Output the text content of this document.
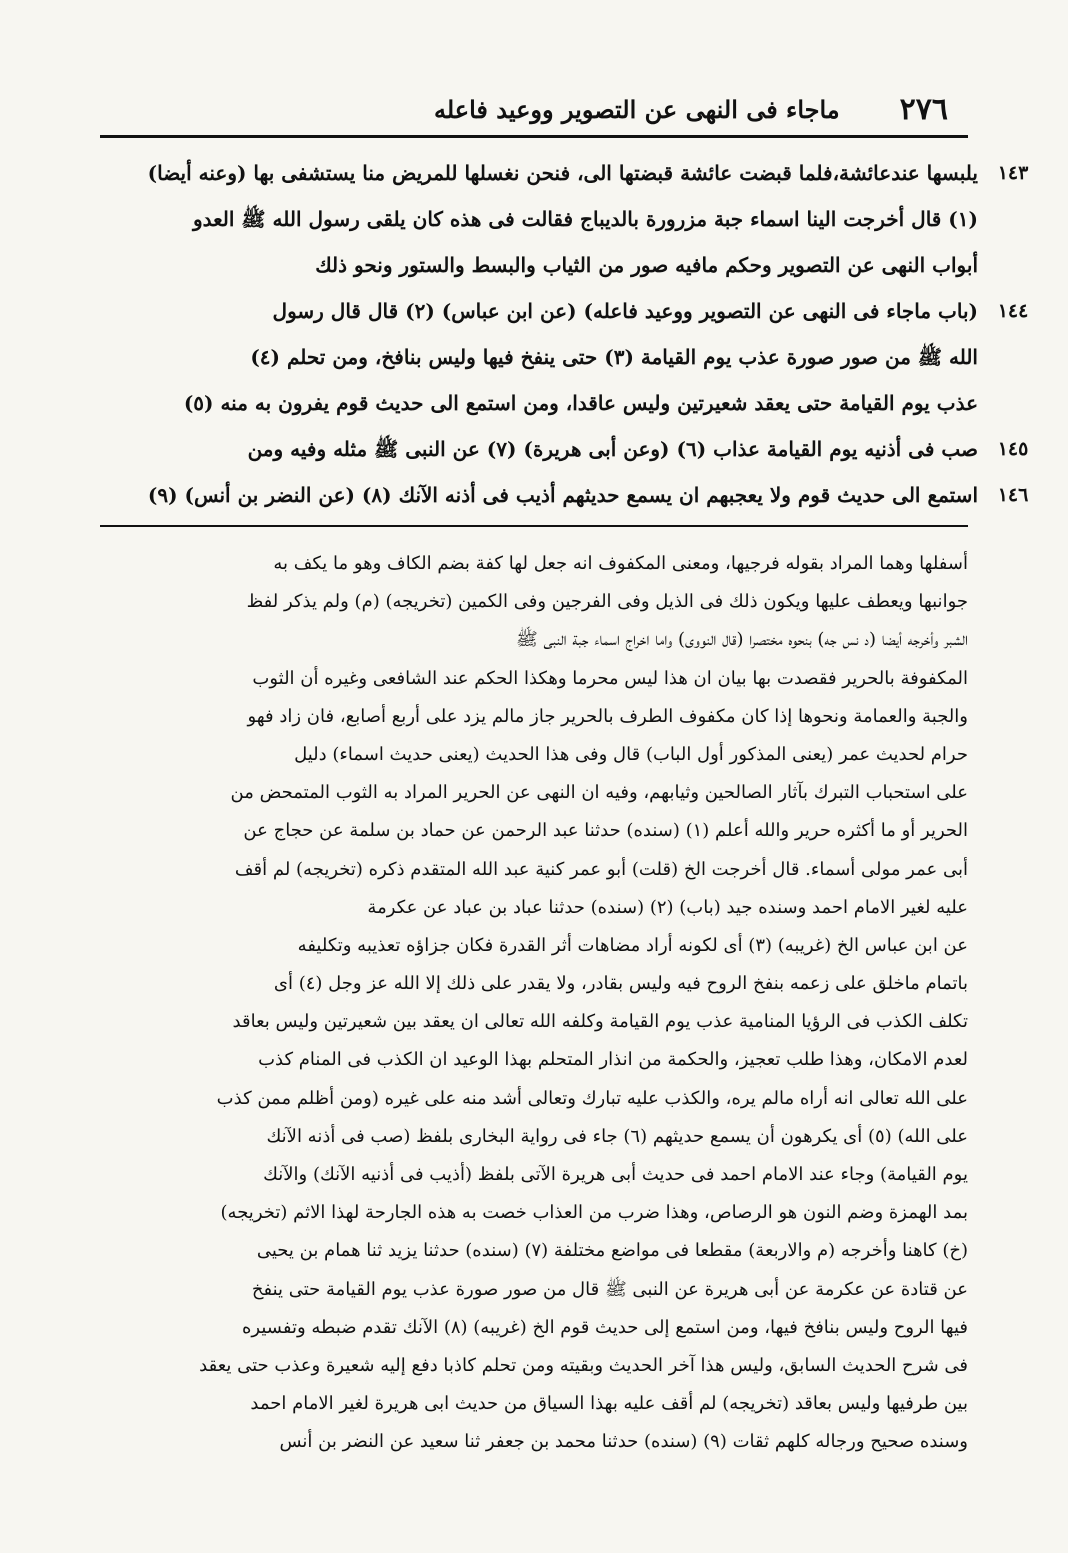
٢٧٦
ماجاء فى النهى عن التصوير ووعيد فاعله
١٤٣
يلبسها عندعائشة،فلما قبضت عائشة قبضتها الى، فنحن نغسلها للمريض منا يستشفى بها (وعنه أيضا)
(١) قال أخرجت الينا اسماء جبة مزرورة بالديباج فقالت فى هذه كان يلقى رسول الله ﷺ العدو
أبواب النهى عن التصوير وحكم مافيه صور من الثياب والبسط والستور ونحو ذلك
١٤٤
(باب ماجاء فى النهى عن التصوير ووعيد فاعله) (عن ابن عباس) (٢) قال قال رسول
الله ﷺ من صور صورة عذب يوم القيامة (٣) حتى ينفخ فيها وليس بنافخ، ومن تحلم (٤)
عذب يوم القيامة حتى يعقد شعيرتين وليس عاقدا، ومن استمع الى حديث قوم يفرون به منه (٥)
١٤٥
صب فى أذنيه يوم القيامة عذاب (٦) (وعن أبى هريرة) (٧) عن النبى ﷺ مثله وفيه ومن
١٤٦
استمع الى حديث قوم ولا يعجبهم ان يسمع حديثهم أذيب فى أذنه الآنك (٨) (عن النضر بن أنس) (٩)
أسفلها وهما المراد بقوله فرجيها، ومعنى المكفوف انه جعل لها كفة بضم الكاف وهو ما يكف به
جوانبها ويعطف عليها ويكون ذلك فى الذيل وفى الفرجين وفى الكمين (تخريجه) (م) ولم يذكر لفظ
الشبر وأخرجه أيضا (د نس جه) بنحوه مختصرا (قال النووى) واما اخراج اسماء جبة النبى ﷺ
المكفوفة بالحرير فقصدت بها بيان ان هذا ليس محرما وهكذا الحكم عند الشافعى وغيره أن الثوب
والجبة والعمامة ونحوها إذا كان مكفوف الطرف بالحرير جاز مالم يزد على أربع أصابع، فان زاد فهو
حرام لحديث عمر (يعنى المذكور أول الباب) قال وفى هذا الحديث (يعنى حديث اسماء) دليل
على استحباب التبرك بآثار الصالحين وثيابهم، وفيه ان النهى عن الحرير المراد به الثوب المتمحض من
الحرير أو ما أكثره حرير والله أعلم (١) (سنده) حدثنا عبد الرحمن عن حماد بن سلمة عن حجاج عن
أبى عمر مولى أسماء. قال أخرجت الخ (قلت) أبو عمر كنية عبد الله المتقدم ذكره (تخريجه) لم أقف
عليه لغير الامام احمد وسنده جيد (باب) (٢) (سنده) حدثنا عباد بن عباد عن عكرمة
عن ابن عباس الخ (غريبه) (٣) أى لكونه أراد مضاهات أثر القدرة فكان جزاؤه تعذيبه وتكليفه
باتمام ماخلق على زعمه بنفخ الروح فيه وليس بقادر، ولا يقدر على ذلك إلا الله عز وجل (٤) أى
تكلف الكذب فى الرؤيا المنامية عذب يوم القيامة وكلفه الله تعالى ان يعقد بين شعيرتين وليس بعاقد
لعدم الامكان، وهذا طلب تعجيز، والحكمة من انذار المتحلم بهذا الوعيد ان الكذب فى المنام كذب
على الله تعالى انه أراه مالم يره، والكذب عليه تبارك وتعالى أشد منه على غيره (ومن أظلم ممن كذب
على الله) (٥) أى يكرهون أن يسمع حديثهم (٦) جاء فى رواية البخارى بلفظ (صب فى أذنه الآنك
يوم القيامة) وجاء عند الامام احمد فى حديث أبى هريرة الآتى بلفظ (أذيب فى أذنيه الآنك) والآنك
بمد الهمزة وضم النون هو الرصاص، وهذا ضرب من العذاب خصت به هذه الجارحة لهذا الاثم (تخريجه)
(خ) كاهنا وأخرجه (م والاربعة) مقطعا فى مواضع مختلفة (٧) (سنده) حدثنا يزيد ثنا همام بن يحيى
عن قتادة عن عكرمة عن أبى هريرة عن النبى ﷺ قال من صور صورة عذب يوم القيامة حتى ينفخ
فيها الروح وليس بنافخ فيها، ومن استمع إلى حديث قوم الخ (غريبه) (٨) الآنك تقدم ضبطه وتفسيره
فى شرح الحديث السابق، وليس هذا آخر الحديث وبقيته ومن تحلم كاذبا دفع إليه شعيرة وعذب حتى يعقد
بين طرفيها وليس بعاقد (تخريجه) لم أقف عليه بهذا السياق من حديث ابى هريرة لغير الامام احمد
وسنده صحيح ورجاله كلهم ثقات (٩) (سنده) حدثنا محمد بن جعفر ثنا سعيد عن النضر بن أنس
